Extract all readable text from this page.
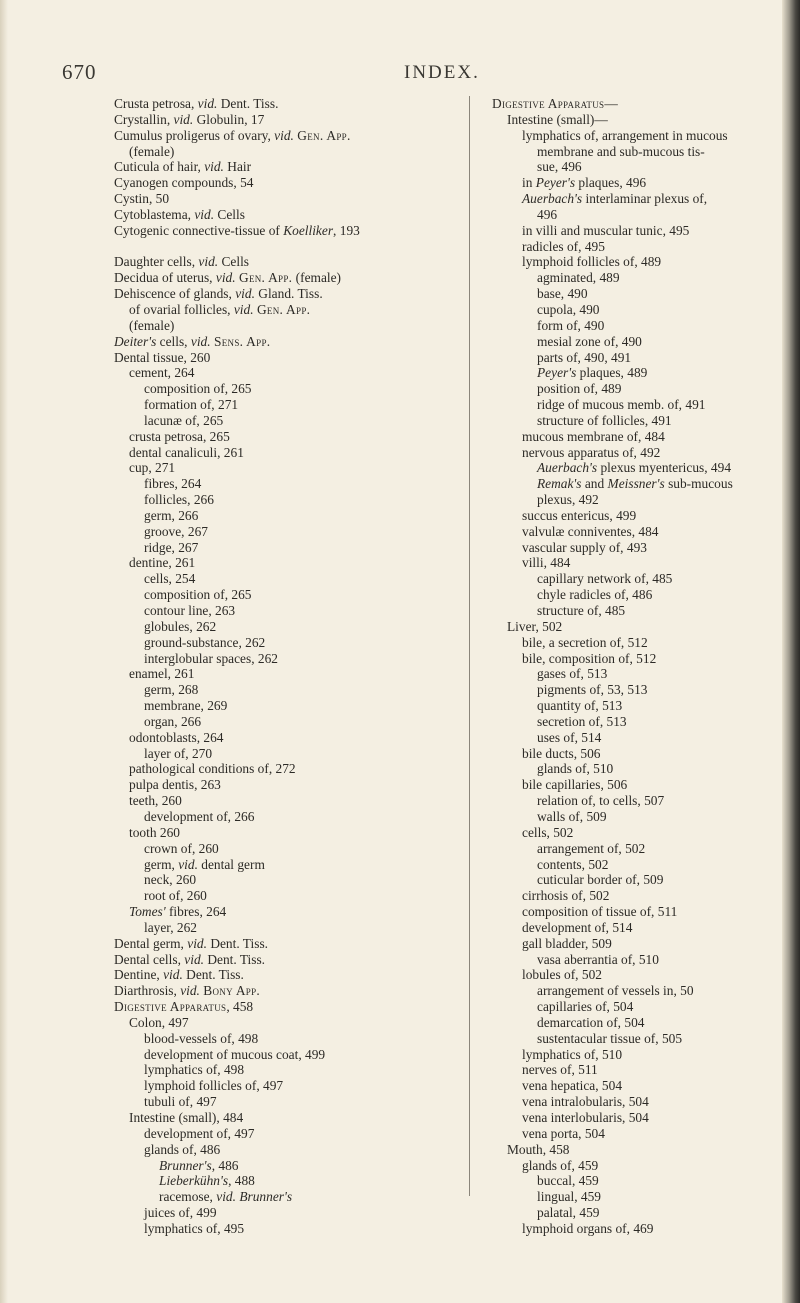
670	INDEX.
Crusta petrosa, vid. Dent. Tiss.
Crystallin, vid. Globulin, 17
Cumulus proligerus of ovary, vid. Gen. App.
(female)
Cuticula of hair, vid. Hair
Cyanogen compounds, 54
Cystin, 50
Cytoblastema, vid. Cells
Cytogenic connective-tissue of Koelliker, 193

Daughter cells, vid. Cells
Decidua of uterus, vid. Gen. App. (female)
Dehiscence of glands, vid. Gland. Tiss.
of ovarial follicles, vid. Gen. App.
(female)
Deiter's cells, vid. Sens. App.
Dental tissue, 260
cement, 264
composition of, 265
formation of, 271
lacunæ of, 265
crusta petrosa, 265
dental canaliculi, 261
cup, 271
fibres, 264
follicles, 266
germ, 266
groove, 267
ridge, 267
dentine, 261
cells, 254
composition of, 265
contour line, 263
globules, 262
ground-substance, 262
interglobular spaces, 262
enamel, 261
germ, 268
membrane, 269
organ, 266
odontoblasts, 264
layer of, 270
pathological conditions of, 272
pulpa dentis, 263
teeth, 260
development of, 266
tooth 260
crown of, 260
germ, vid. dental germ
neck, 260
root of, 260
Tomes' fibres, 264
layer, 262
Dental germ, vid. Dent. Tiss.
Dental cells, vid. Dent. Tiss.
Dentine, vid. Dent. Tiss.
Diarthrosis, vid. Bony App.
Digestive Apparatus, 458
Colon, 497
blood-vessels of, 498
development of mucous coat, 499
lymphatics of, 498
lymphoid follicles of, 497
tubuli of, 497
Intestine (small), 484
development of, 497
glands of, 486
Brunner's, 486
Lieberkühn's, 488
racemose, vid. Brunner's
juices of, 499
lymphatics of, 495
Digestive Apparatus—
Intestine (small)—
lymphatics of, arrangement in mucous
membrane and sub-mucous tis-
sue, 496
in Peyer's plaques, 496
Auerbach's interlaminar plexus of,
496
in villi and muscular tunic, 495
radicles of, 495
lymphoid follicles of, 489
agminated, 489
base, 490
cupola, 490
form of, 490
mesial zone of, 490
parts of, 490, 491
Peyer's plaques, 489
position of, 489
ridge of mucous memb. of, 491
structure of follicles, 491
mucous membrane of, 484
nervous apparatus of, 492
Auerbach's plexus myentericus, 494
Remak's and Meissner's sub-mucous
plexus, 492
succus entericus, 499
valvulæ conniventes, 484
vascular supply of, 493
villi, 484
capillary network of, 485
chyle radicles of, 486
structure of, 485
Liver, 502
bile, a secretion of, 512
bile, composition of, 512
gases of, 513
pigments of, 53, 513
quantity of, 513
secretion of, 513
uses of, 514
bile ducts, 506
glands of, 510
bile capillaries, 506
relation of, to cells, 507
walls of, 509
cells, 502
arrangement of, 502
contents, 502
cuticular border of, 509
cirrhosis of, 502
composition of tissue of, 511
development of, 514
gall bladder, 509
vasa aberrantia of, 510
lobules of, 502
arrangement of vessels in, 50
capillaries of, 504
demarcation of, 504
sustentacular tissue of, 505
lymphatics of, 510
nerves of, 511
vena hepatica, 504
vena intralobularis, 504
vena interlobularis, 504
vena porta, 504
Mouth, 458
glands of, 459
buccal, 459
lingual, 459
palatal, 459
lymphoid organs of, 469
